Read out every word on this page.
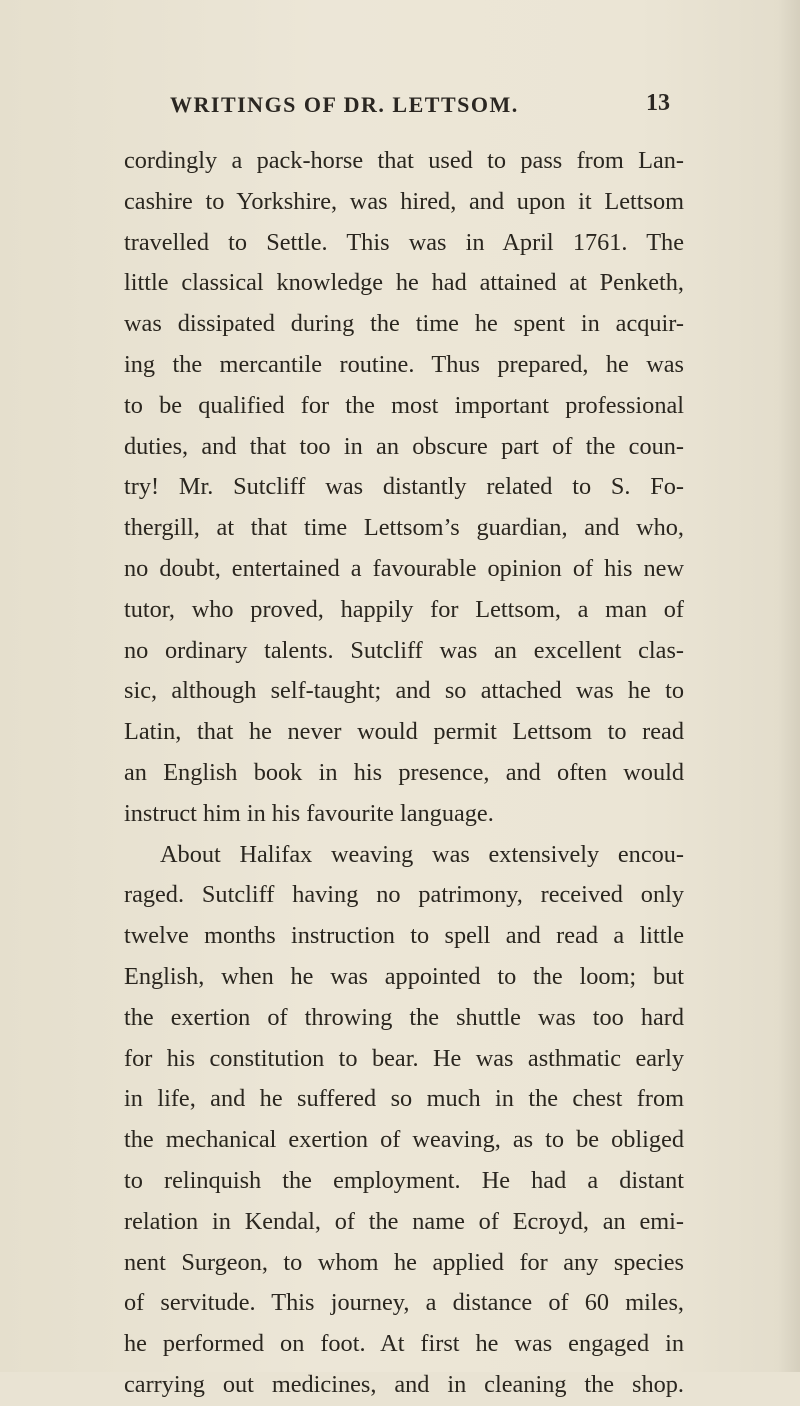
WRITINGS OF DR. LETTSOM.	13
cordingly a pack-horse that used to pass from Lan-
cashire to Yorkshire, was hired, and upon it Lettsom
travelled to Settle. This was in April 1761. The
little classical knowledge he had attained at Penketh,
was dissipated during the time he spent in acquir-
ing the mercantile routine. Thus prepared, he was
to be qualified for the most important professional
duties, and that too in an obscure part of the coun-
try! Mr. Sutcliff was distantly related to S. Fo-
thergill, at that time Lettsom’s guardian, and who,
no doubt, entertained a favourable opinion of his new
tutor, who proved, happily for Lettsom, a man of
no ordinary talents. Sutcliff was an excellent clas-
sic, although self-taught; and so attached was he to
Latin, that he never would permit Lettsom to read
an English book in his presence, and often would
instruct him in his favourite language.
About Halifax weaving was extensively encou-
raged. Sutcliff having no patrimony, received only
twelve months instruction to spell and read a little
English, when he was appointed to the loom; but
the exertion of throwing the shuttle was too hard
for his constitution to bear. He was asthmatic early
in life, and he suffered so much in the chest from
the mechanical exertion of weaving, as to be obliged
to relinquish the employment. He had a distant
relation in Kendal, of the name of Ecroyd, an emi-
nent Surgeon, to whom he applied for any species
of servitude. This journey, a distance of 60 miles,
he performed on foot. At first he was engaged in
carrying out medicines, and in cleaning the shop.
